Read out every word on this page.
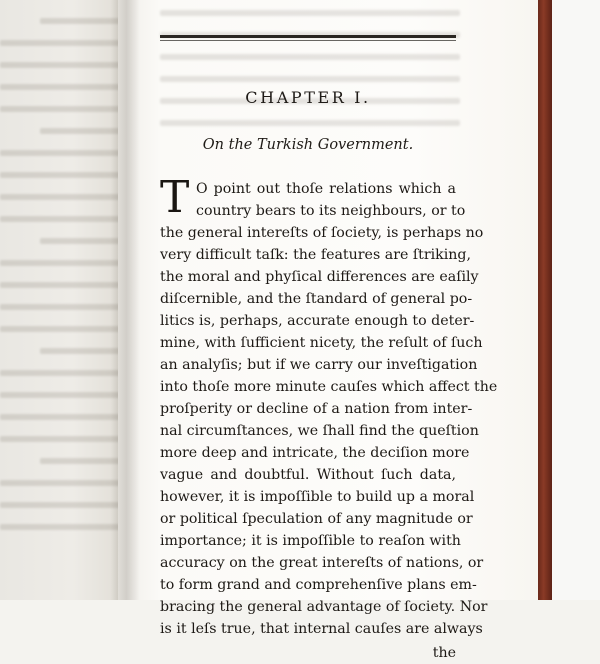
CHAPTER I.
On the Turkish Government.
T O point out thoſe relations which a
country bears to its neighbours, or to
the general intereſts of ſociety, is perhaps no
very difficult taſk: the features are ſtriking,
the moral and phyſical differences are eaſily
diſcernible, and the ſtandard of general po-
litics is, perhaps, accurate enough to deter-
mine, with ſufficient nicety, the reſult of ſuch
an analyſis; but if we carry our inveſtigation
into thoſe more minute cauſes which affect the
proſperity or decline of a nation from inter-
nal circumſtances, we ſhall find the queſtion
more deep and intricate, the deciſion more
vague and doubtful. Without ſuch data,
however, it is impoſſible to build up a moral
or political ſpeculation of any magnitude or
importance; it is impoſſible to reaſon with
accuracy on the great intereſts of nations, or
to form grand and comprehenſive plans em-
bracing the general advantage of ſociety. Nor
is it leſs true, that internal cauſes are always
the
